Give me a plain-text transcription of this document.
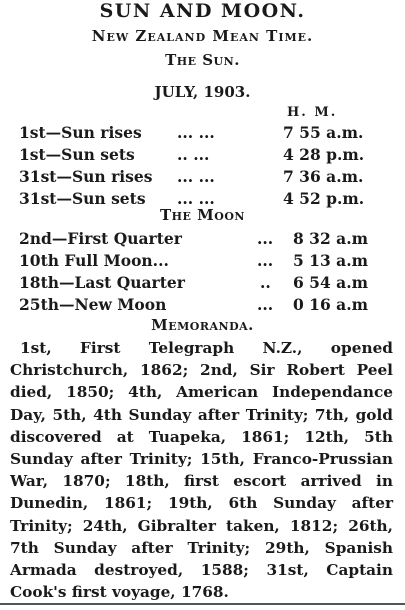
SUN AND MOON.
New Zealand Mean Time.
The Sun.
JULY, 1903.
H. M.
1st—Sun rises ... ...	7 55 a.m.
1st—Sun sets	.. ...	4 28 p.m.
31st—Sun rises ... ...	7 36 a.m.
31st—Sun sets ... ...	4 52 p.m.
The Moon
2nd—First Quarter	... 8 32 a.m
10th Full Moon...	... 5 13 a.m
18th—Last Quarter	.. 6 54 a.m
25th—New Moon	... 0 16 a.m
Memoranda.
1st, First Telegraph N.Z., opened Christchurch, 1862; 2nd, Sir Robert Peel died, 1850; 4th, American Independance Day, 5th, 4th Sunday after Trinity; 7th, gold discovered at Tuapeka, 1861; 12th, 5th Sunday after Trinity; 15th, Franco-Prussian War, 1870; 18th, first escort arrived in Dunedin, 1861; 19th, 6th Sunday after Trinity; 24th, Gibralter taken, 1812; 26th, 7th Sunday after Trinity; 29th, Spanish Armada destroyed, 1588; 31st, Captain Cook's first voyage, 1768.
